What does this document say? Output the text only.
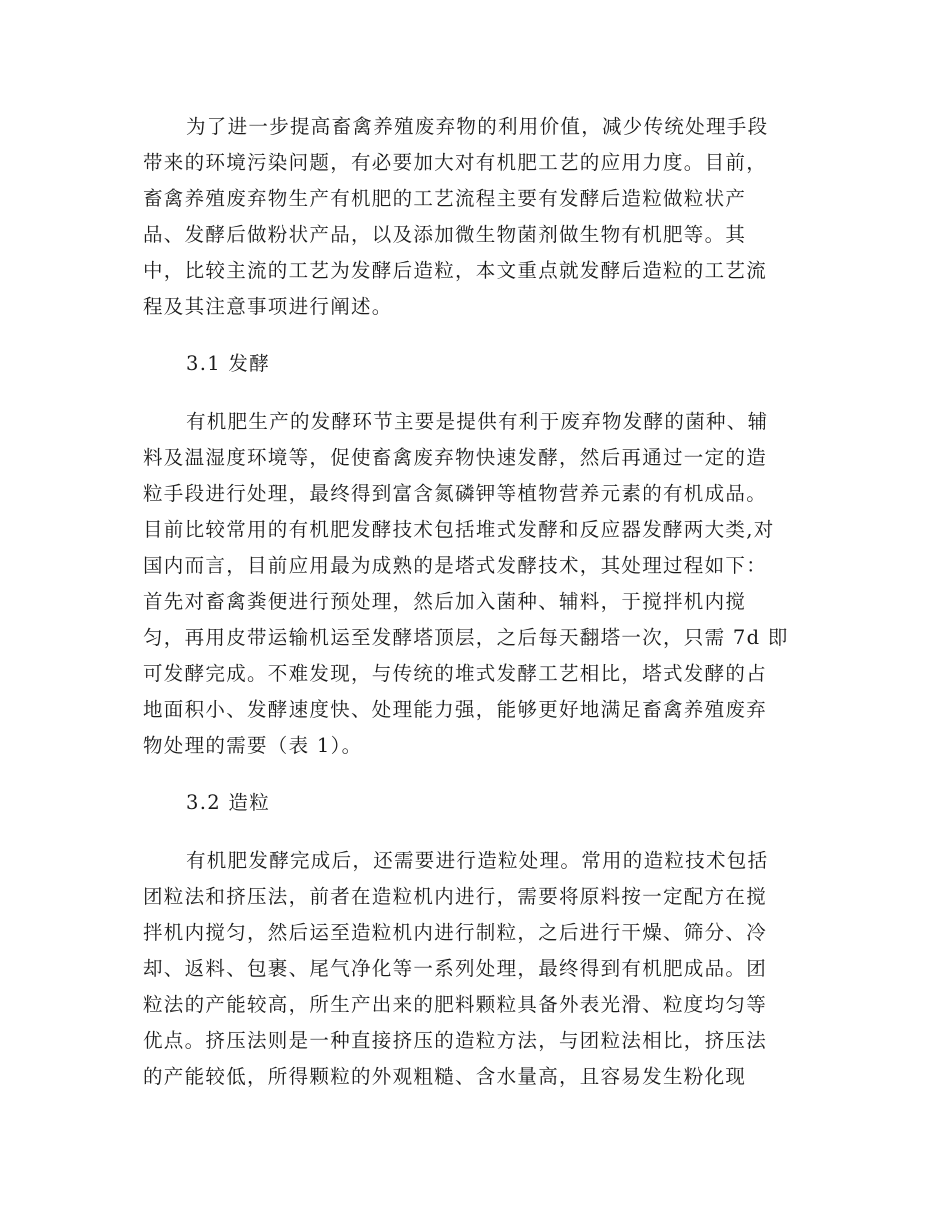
为了进一步提高畜禽养殖废弃物的利用价值，减少传统处理手段
带来的环境污染问题，有必要加大对有机肥工艺的应用力度。目前，
畜禽养殖废弃物生产有机肥的工艺流程主要有发酵后造粒做粒状产
品、发酵后做粉状产品，以及添加微生物菌剂做生物有机肥等。其
中，比较主流的工艺为发酵后造粒，本文重点就发酵后造粒的工艺流
程及其注意事项进行阐述。
3.1 发酵
有机肥生产的发酵环节主要是提供有利于废弃物发酵的菌种、辅
料及温湿度环境等，促使畜禽废弃物快速发酵，然后再通过一定的造
粒手段进行处理，最终得到富含氮磷钾等植物营养元素的有机成品。
目前比较常用的有机肥发酵技术包括堆式发酵和反应器发酵两大类,对
国内而言，目前应用最为成熟的是塔式发酵技术，其处理过程如下：
首先对畜禽粪便进行预处理，然后加入菌种、辅料，于搅拌机内搅
匀，再用皮带运输机运至发酵塔顶层，之后每天翻塔一次，只需 7d 即
可发酵完成。不难发现，与传统的堆式发酵工艺相比，塔式发酵的占
地面积小、发酵速度快、处理能力强，能够更好地满足畜禽养殖废弃
物处理的需要（表 1）。
3.2 造粒
有机肥发酵完成后，还需要进行造粒处理。常用的造粒技术包括
团粒法和挤压法，前者在造粒机内进行，需要将原料按一定配方在搅
拌机内搅匀，然后运至造粒机内进行制粒，之后进行干燥、筛分、冷
却、返料、包裹、尾气净化等一系列处理，最终得到有机肥成品。团
粒法的产能较高，所生产出来的肥料颗粒具备外表光滑、粒度均匀等
优点。挤压法则是一种直接挤压的造粒方法，与团粒法相比，挤压法
的产能较低，所得颗粒的外观粗糙、含水量高，且容易发生粉化现
